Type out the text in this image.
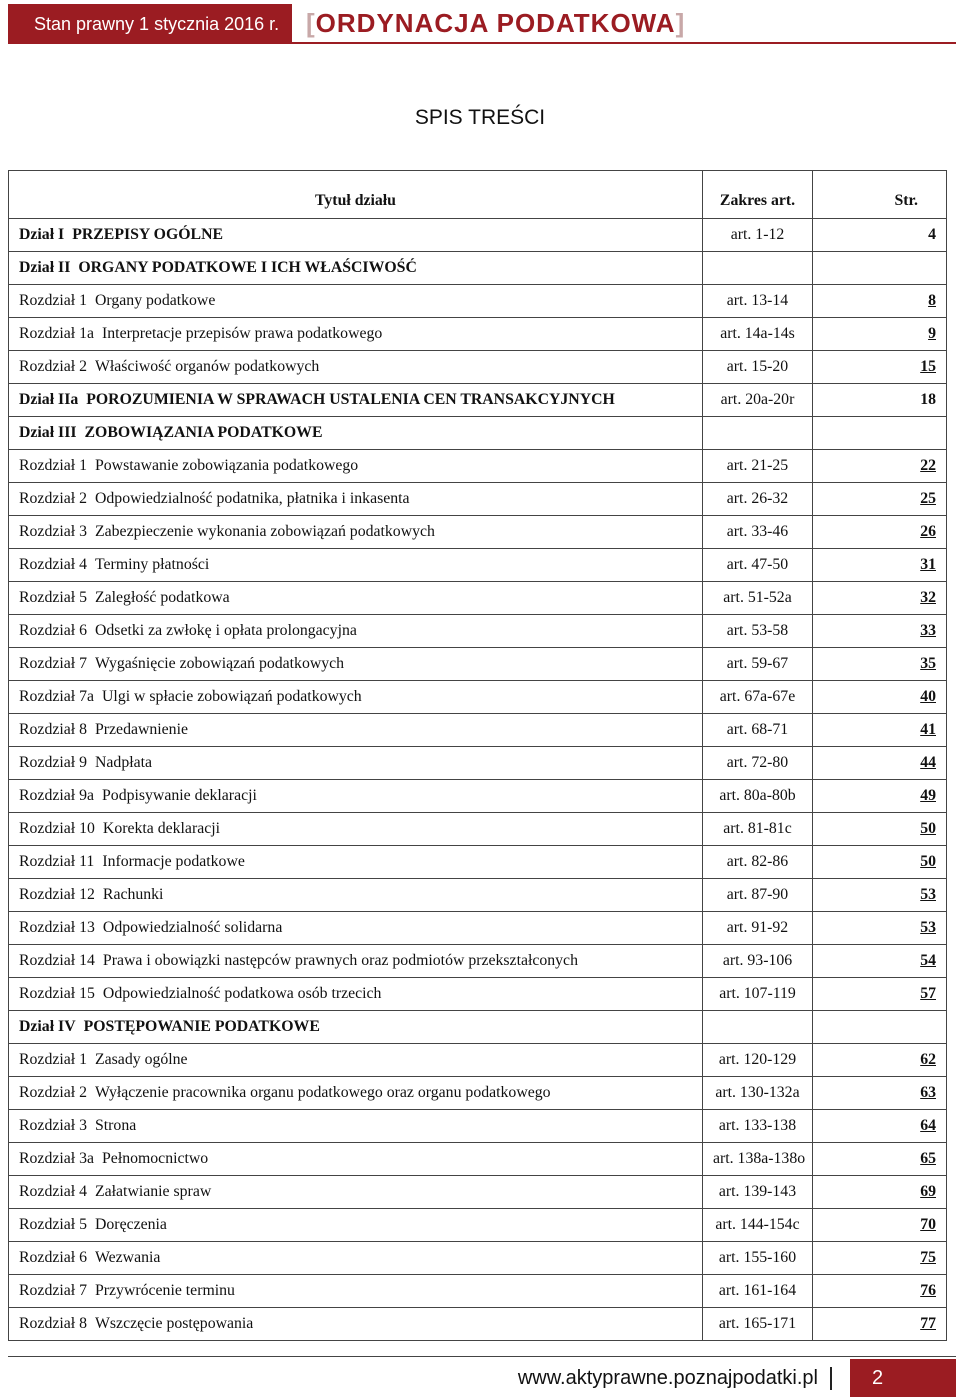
Stan prawny 1 stycznia 2016 r.	[ ORDYNACJA PODATKOWA ]
SPIS TREŚCI
Tytuł działu	Zakres art.	Str.
Dział I PRZEPISY OGÓLNE	art. 1-12	4
Dział II ORGANY PODATKOWE I ICH WŁAŚCIWOŚĆ		
Rozdział 1 Organy podatkowe	art. 13-14	8
Rozdział 1a Interpretacje przepisów prawa podatkowego	art. 14a-14s	9
Rozdział 2 Właściwość organów podatkowych	art. 15-20	15
Dział IIa POROZUMIENIA W SPRAWACH USTALENIA CEN TRANSAKCYJNYCH	art. 20a-20r	18
Dział III ZOBOWIĄZANIA PODATKOWE		
Rozdział 1 Powstawanie zobowiązania podatkowego	art. 21-25	22
Rozdział 2 Odpowiedzialność podatnika, płatnika i inkasenta	art. 26-32	25
Rozdział 3 Zabezpieczenie wykonania zobowiązań podatkowych	art. 33-46	26
Rozdział 4 Terminy płatności	art. 47-50	31
Rozdział 5 Zaległość podatkowa	art. 51-52a	32
Rozdział 6 Odsetki za zwłokę i opłata prolongacyjna	art. 53-58	33
Rozdział 7 Wygaśnięcie zobowiązań podatkowych	art. 59-67	35
Rozdział 7a Ulgi w spłacie zobowiązań podatkowych	art. 67a-67e	40
Rozdział 8 Przedawnienie	art. 68-71	41
Rozdział 9 Nadpłata	art. 72-80	44
Rozdział 9a Podpisywanie deklaracji	art. 80a-80b	49
Rozdział 10 Korekta deklaracji	art. 81-81c	50
Rozdział 11 Informacje podatkowe	art. 82-86	50
Rozdział 12 Rachunki	art. 87-90	53
Rozdział 13 Odpowiedzialność solidarna	art. 91-92	53
Rozdział 14 Prawa i obowiązki następców prawnych oraz podmiotów przekształconych	art. 93-106	54
Rozdział 15 Odpowiedzialność podatkowa osób trzecich	art. 107-119	57
Dział IV POSTĘPOWANIE PODATKOWE		
Rozdział 1 Zasady ogólne	art. 120-129	62
Rozdział 2 Wyłączenie pracownika organu podatkowego oraz organu podatkowego	art. 130-132a	63
Rozdział 3 Strona	art. 133-138	64
Rozdział 3a Pełnomocnictwo	art. 138a-138o	65
Rozdział 4 Załatwianie spraw	art. 139-143	69
Rozdział 5 Doręczenia	art. 144-154c	70
Rozdział 6 Wezwania	art. 155-160	75
Rozdział 7 Przywrócenie terminu	art. 161-164	76
Rozdział 8 Wszczęcie postępowania	art. 165-171	77
www.aktyprawne.poznajpodatki.pl	2
